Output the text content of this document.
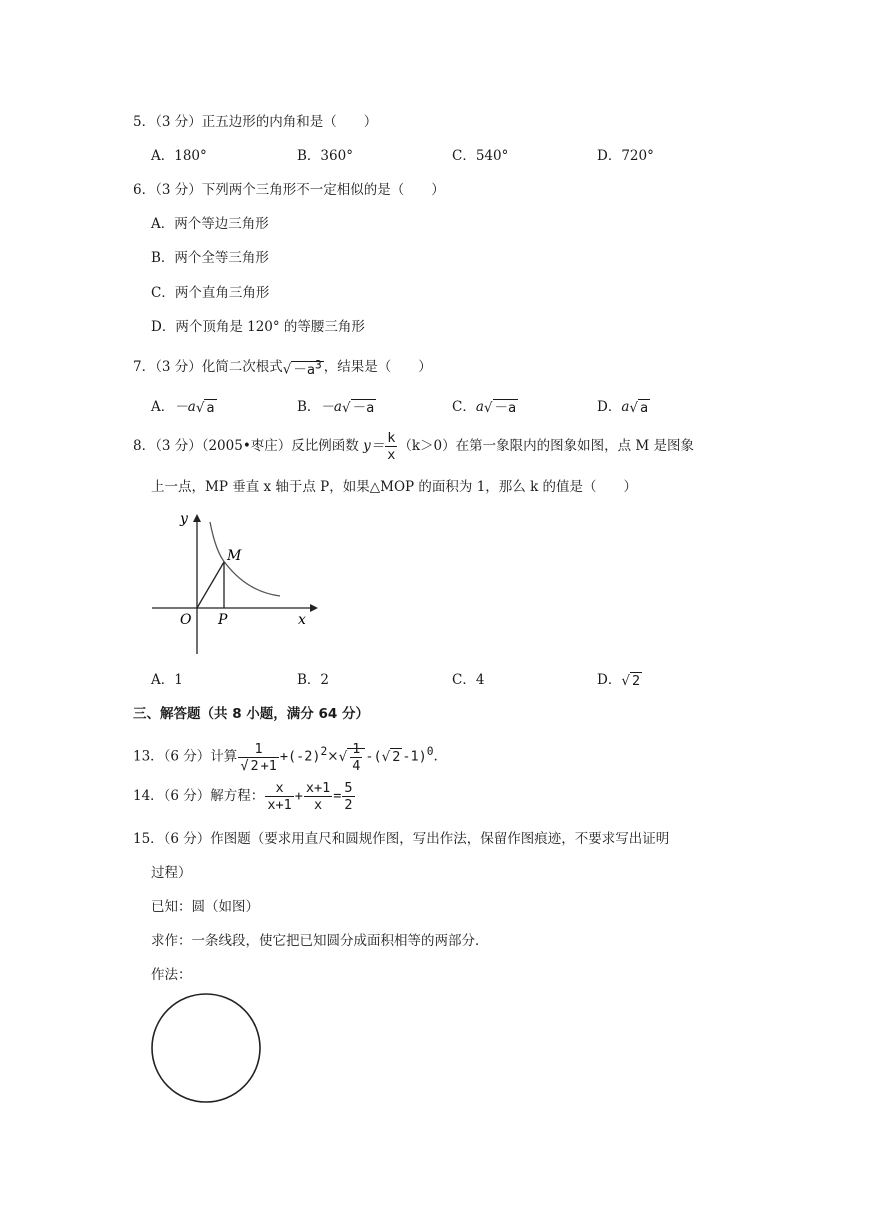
5．（3 分）正五边形的内角和是（　　）
A．180°	B．360°	C．540°	D．720°
6．（3 分）下列两个三角形不一定相似的是（　　）
A．两个等边三角形
B．两个全等三角形
C．两个直角三角形
D．两个顶角是 120° 的等腰三角形
7．（3 分）化简二次根式√ $-a^3$ ，结果是（　　）
A．－a√ a	B．－a√ －a	C．a√ －a	D．a√ a
8．（3 分）（2005•枣庄）反比例函数 $y= \frac{k}{x} (k>0)$在第一象限内的图象如图，点 M 是图象
上一点，MP 垂直 x 轴于点 P，如果△MOP 的面积为 1，那么 k 的值是（　　）
y
x
O P
M
A．1	B．2	C．4	D．√ 2
三、解答题（共 8 小题，满分 64 分）
13．（6 分）计算 $\frac{1}{√ 2 +1} +(-2)^2\times√ \frac{1}{4}$ -(√ 2 -1)$^0$.
14．（6 分）解方程： $\frac{x}{x+1} + \frac{x+1}{x} = \frac{5}{2}$
15．（6 分）作图题（要求用直尺和圆规作图，写出作法，保留作图痕迹，不要求写出证明
过程）
已知：圆（如图）
求作：一条线段，使它把已知圆分成面积相等的两部分．
作法：
